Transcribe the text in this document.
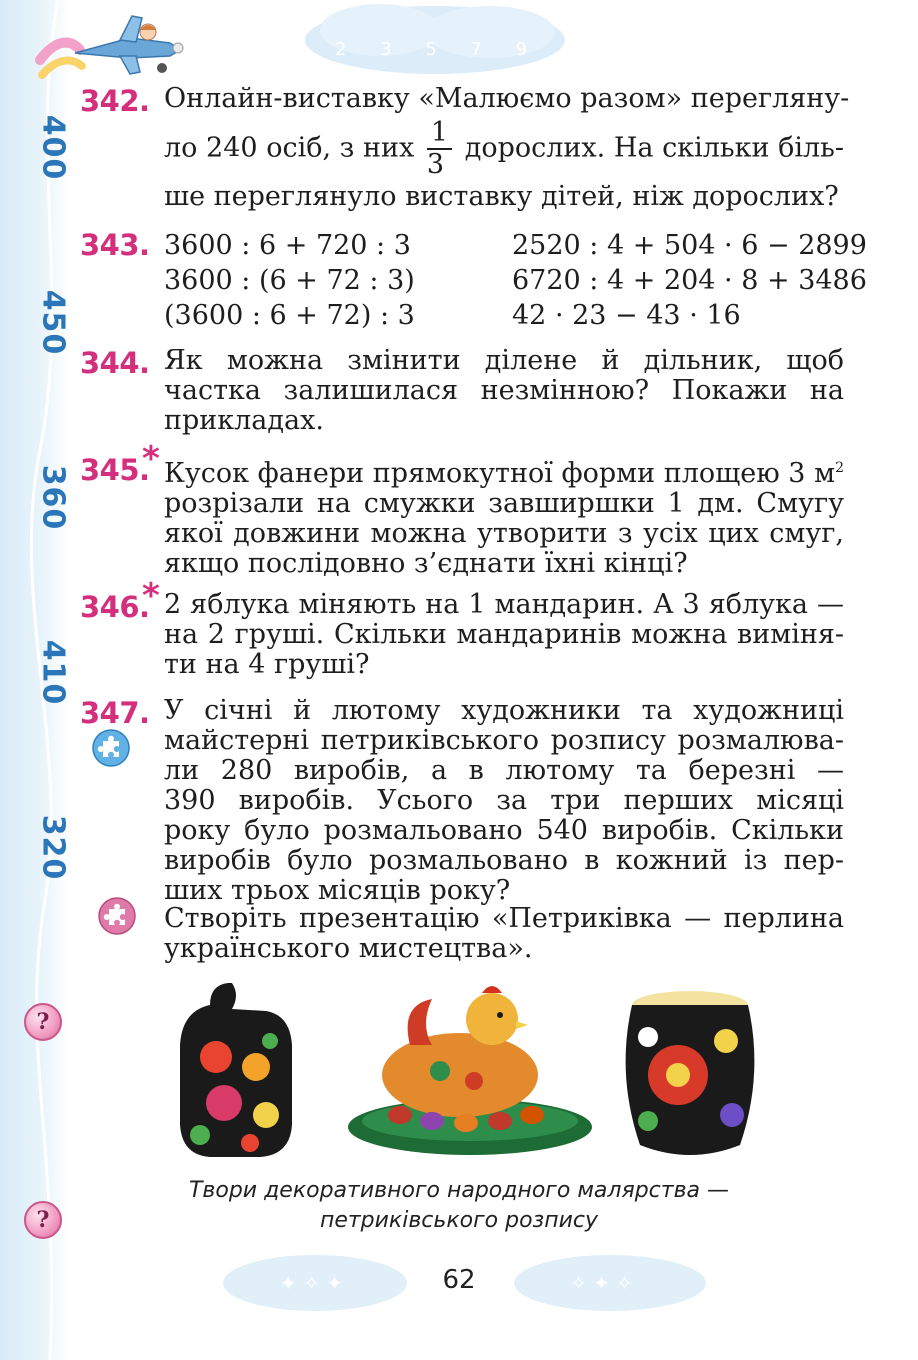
400
450
360
410
320
?
?
2 3 5 7 9
342. Онлайн-виставку «Малюємо разом» перегляну-
ло 240 осіб, з них $\frac{1}{3}$ дорослих. На скільки біль-
ше переглянуло виставку дітей, ніж дорослих?
343. 3600 : 6 + 720 : 3
3600 : (6 + 72 : 3)
(3600 : 6 + 72) : 3
2520 : 4 + 504 · 6 − 2899
6720 : 4 + 204 · 8 + 3486
42 · 23 − 43 · 16
344. Як можна змінити ділене й дільник, щоб
частка залишилася незмінною? Покажи на
прикладах.
345.
* Кусок фанери прямокутної форми площею 3 $м^2$
розрізали на смужки завширшки 1 дм. Смугу
якої довжини можна утворити з усіх цих смуг,
якщо послідовно з’єднати їхні кінці?
346.
* 2 яблука міняють на 1 мандарин. А 3 яблука —
на 2 груші. Скільки мандаринів можна виміня-
ти на 4 груші?
347. У січні й лютому художники та художниці
майстерні петриківського розпису розмалюва-
ли 280 виробів, а в лютому та березні —
390 виробів. Усього за три перших місяці
року було розмальовано 540 виробів. Скільки
виробів було розмальовано в кожний із пер-
ших трьох місяців року?
Створіть презентацію «Петриківка — перлина
українського мистецтва».
Твори декоративного народного малярства —
петриківського розпису
✦ ✧ ✦	✧ ✦ ✧
62
